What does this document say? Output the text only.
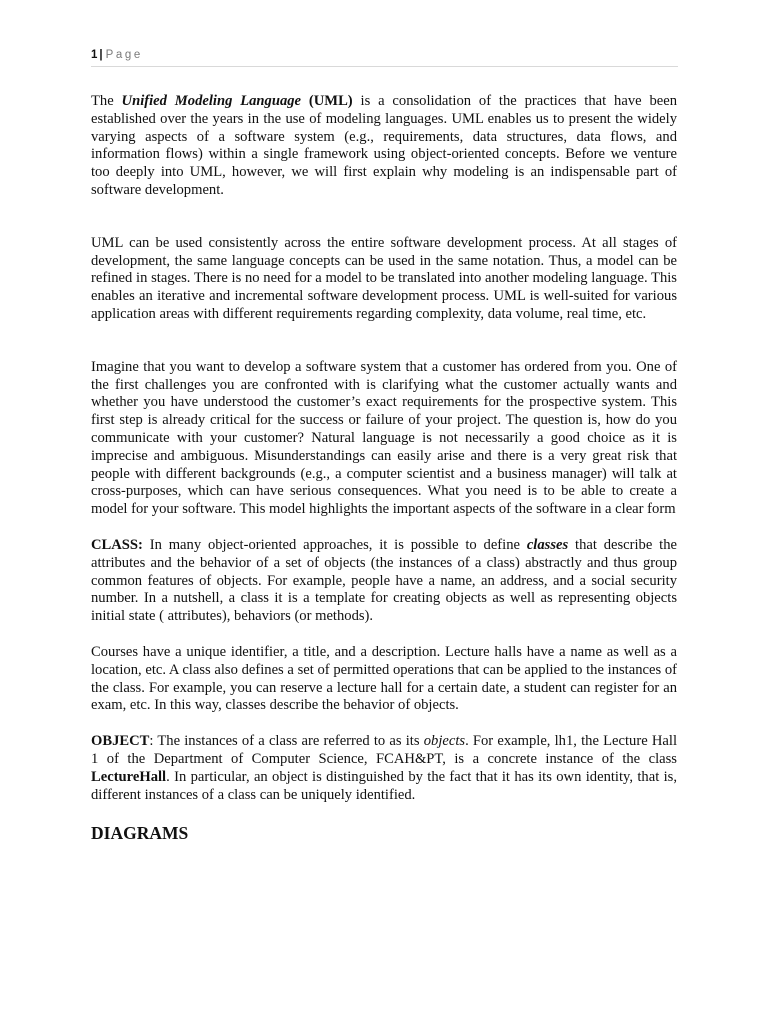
1 | Page

The Unified Modeling Language (UML) is a consolidation of the practices that have been established over the years in the use of modeling languages. UML enables us to present the widely varying aspects of a software system (e.g., requirements, data structures, data flows, and information flows) within a single framework using object-oriented concepts. Before we venture too deeply into UML, however, we will first explain why modeling is an indispensable part of software development.

UML can be used consistently across the entire software development process. At all stages of development, the same language concepts can be used in the same notation. Thus, a model can be refined in stages. There is no need for a model to be translated into another modeling language. This enables an iterative and incremental software development process. UML is well-suited for various application areas with different requirements regarding complexity, data volume, real time, etc.

Imagine that you want to develop a software system that a customer has ordered from you. One of the first challenges you are confronted with is clarifying what the customer actually wants and whether you have understood the customer’s exact requirements for the prospective system. This first step is already critical for the success or failure of your project. The question is, how do you communicate with your customer? Natural language is not necessarily a good choice as it is imprecise and ambiguous. Misunderstandings can easily arise and there is a very great risk that people with different backgrounds (e.g., a computer scientist and a business manager) will talk at cross-purposes, which can have serious consequences. What you need is to be able to create a model for your software. This model highlights the important aspects of the software in a clear form

CLASS: In many object-oriented approaches, it is possible to define classes that describe the attributes and the behavior of a set of objects (the instances of a class) abstractly and thus group common features of objects. For example, people have a name, an address, and a social security number. In a nutshell, a class it is a template for creating objects as well as representing objects initial state ( attributes), behaviors (or methods).

Courses have a unique identifier, a title, and a description. Lecture halls have a name as well as a location, etc. A class also defines a set of permitted operations that can be applied to the instances of the class. For example, you can reserve a lecture hall for a certain date, a student can register for an exam, etc. In this way, classes describe the behavior of objects.

OBJECT: The instances of a class are referred to as its objects. For example, lh1, the Lecture Hall 1 of the Department of Computer Science, FCAH&PT, is a concrete instance of the class LectureHall. In particular, an object is distinguished by the fact that it has its own identity, that is, different instances of a class can be uniquely identified.

DIAGRAMS
